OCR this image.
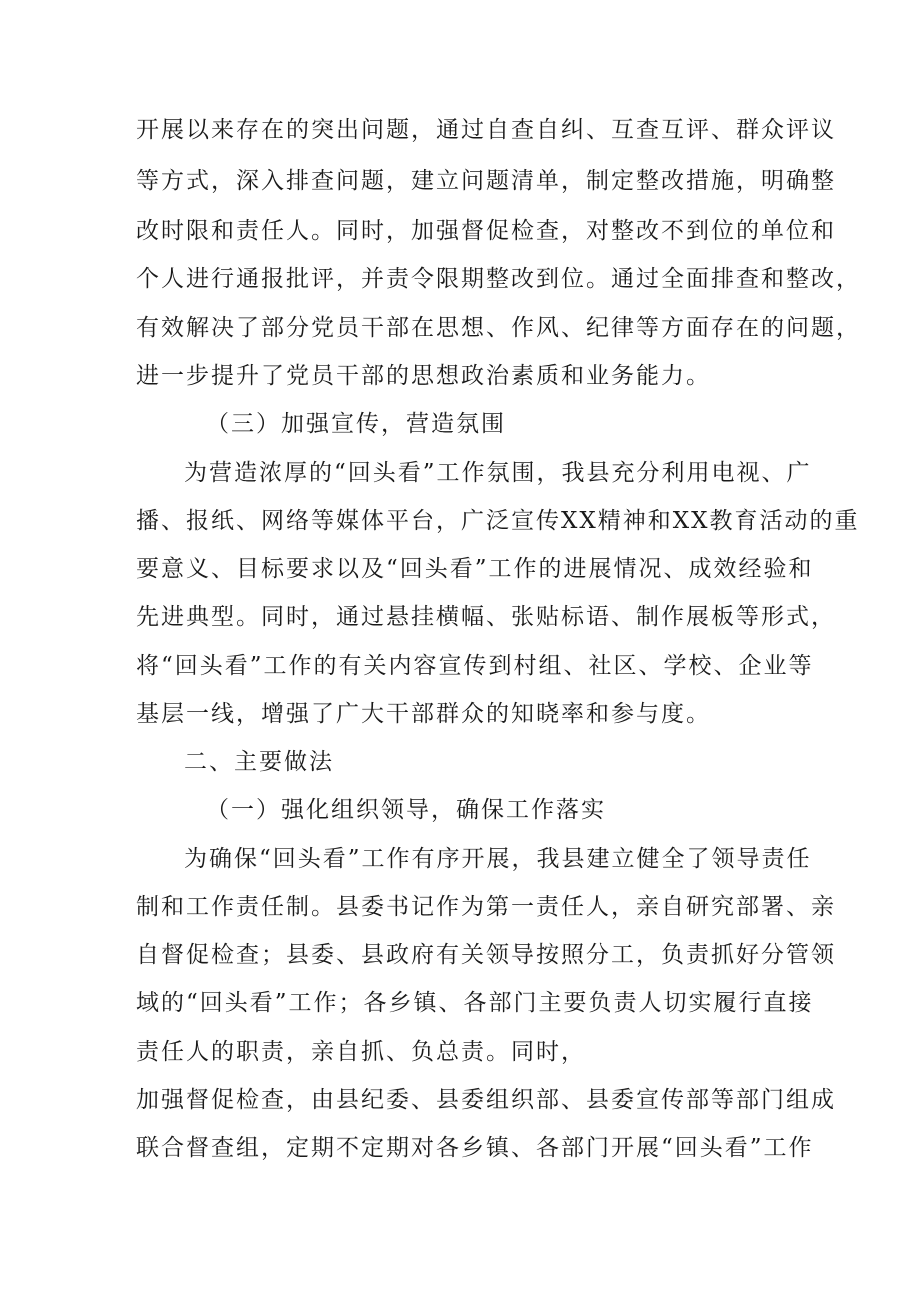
开展以来存在的突出问题，通过自查自纠、互查互评、群众评议
等方式，深入排查问题，建立问题清单，制定整改措施，明确整
改时限和责任人。同时，加强督促检查，对整改不到位的单位和
个人进行通报批评，并责令限期整改到位。通过全面排查和整改，
有效解决了部分党员干部在思想、作风、纪律等方面存在的问题，
进一步提升了党员干部的思想政治素质和业务能力。
（三）加强宣传，营造氛围
为营造浓厚的“回头看”工作氛围，我县充分利用电视、广
播、报纸、网络等媒体平台，广泛宣传XX精神和XX教育活动的重
要意义、目标要求以及“回头看”工作的进展情况、成效经验和
先进典型。同时，通过悬挂横幅、张贴标语、制作展板等形式，
将“回头看”工作的有关内容宣传到村组、社区、学校、企业等
基层一线，增强了广大干部群众的知晓率和参与度。
二、主要做法
（一）强化组织领导，确保工作落实
为确保“回头看”工作有序开展，我县建立健全了领导责任
制和工作责任制。县委书记作为第一责任人，亲自研究部署、亲
自督促检查；县委、县政府有关领导按照分工，负责抓好分管领
域的“回头看”工作；各乡镇、各部门主要负责人切实履行直接
责任人的职责，亲自抓、负总责。同时，
加强督促检查，由县纪委、县委组织部、县委宣传部等部门组成
联合督查组，定期不定期对各乡镇、各部门开展“回头看”工作
